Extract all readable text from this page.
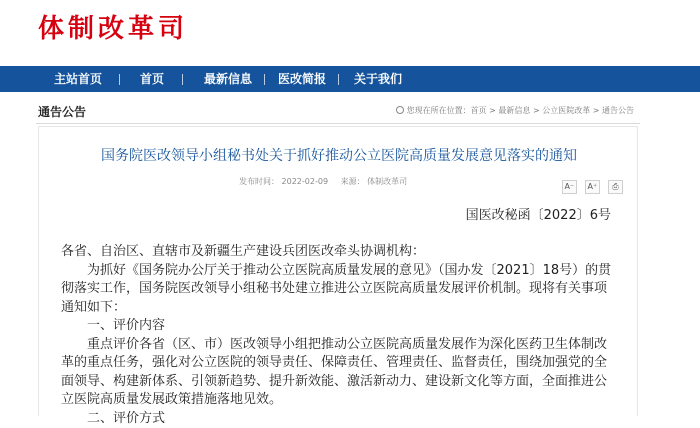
体制改革司
主站首页	首页	最新信息 医改简报 关于我们
通告公告	您现在所在位置：首页 > 最新信息 > 公立医院改革 > 通告公告
国务院医改领导小组秘书处关于抓好推动公立医院高质量发展意见落实的通知
发布时间： 2022-02-09 来源： 体制改革司
A⁻ A⁺ ⎙
国医改秘函〔2022〕6号

各省、自治区、直辖市及新疆生产建设兵团医改牵头协调机构：

为抓好《国务院办公厅关于推动公立医院高质量发展的意见》（国办发〔2021〕18号）的贯彻落实工作，国务院医改领导小组秘书处建立推进公立医院高质量发展评价机制。现将有关事项通知如下：

一、评价内容

重点评价各省（区、市）医改领导小组把推动公立医院高质量发展作为深化医药卫生体制改革的重点任务，强化对公立医院的领导责任、保障责任、管理责任、监督责任，围绕加强党的全面领导、构建新体系、引领新趋势、提升新效能、激活新动力、建设新文化等方面，全面推进公立医院高质量发展政策措施落地见效。

二、评价方式
